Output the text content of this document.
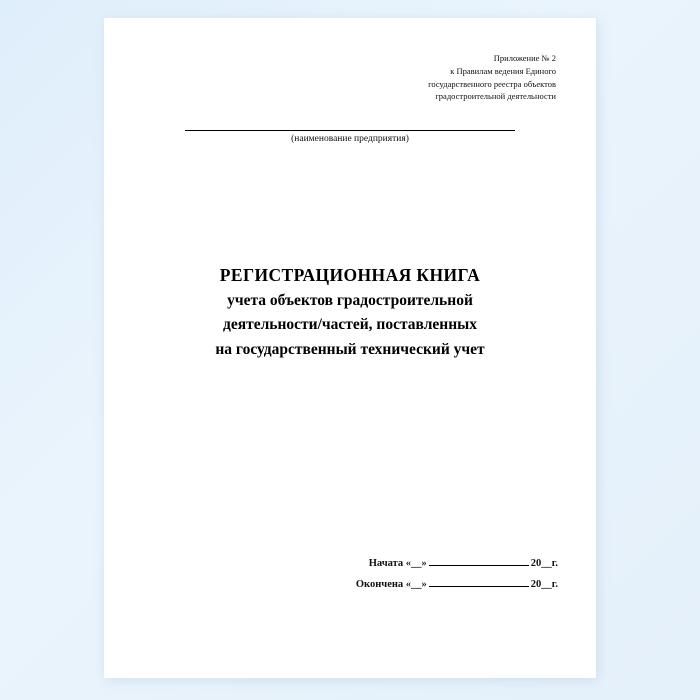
Приложение № 2
к Правилам ведения Единого
государственного реестра объектов
градостроительной деятельности
(наименование предприятия)
РЕГИСТРАЦИОННАЯ КНИГА
учета объектов градостроительной
деятельности/частей, поставленных
на государственный технический учет
Начата «__»	20__г.
Окончена «__»	20__г.
